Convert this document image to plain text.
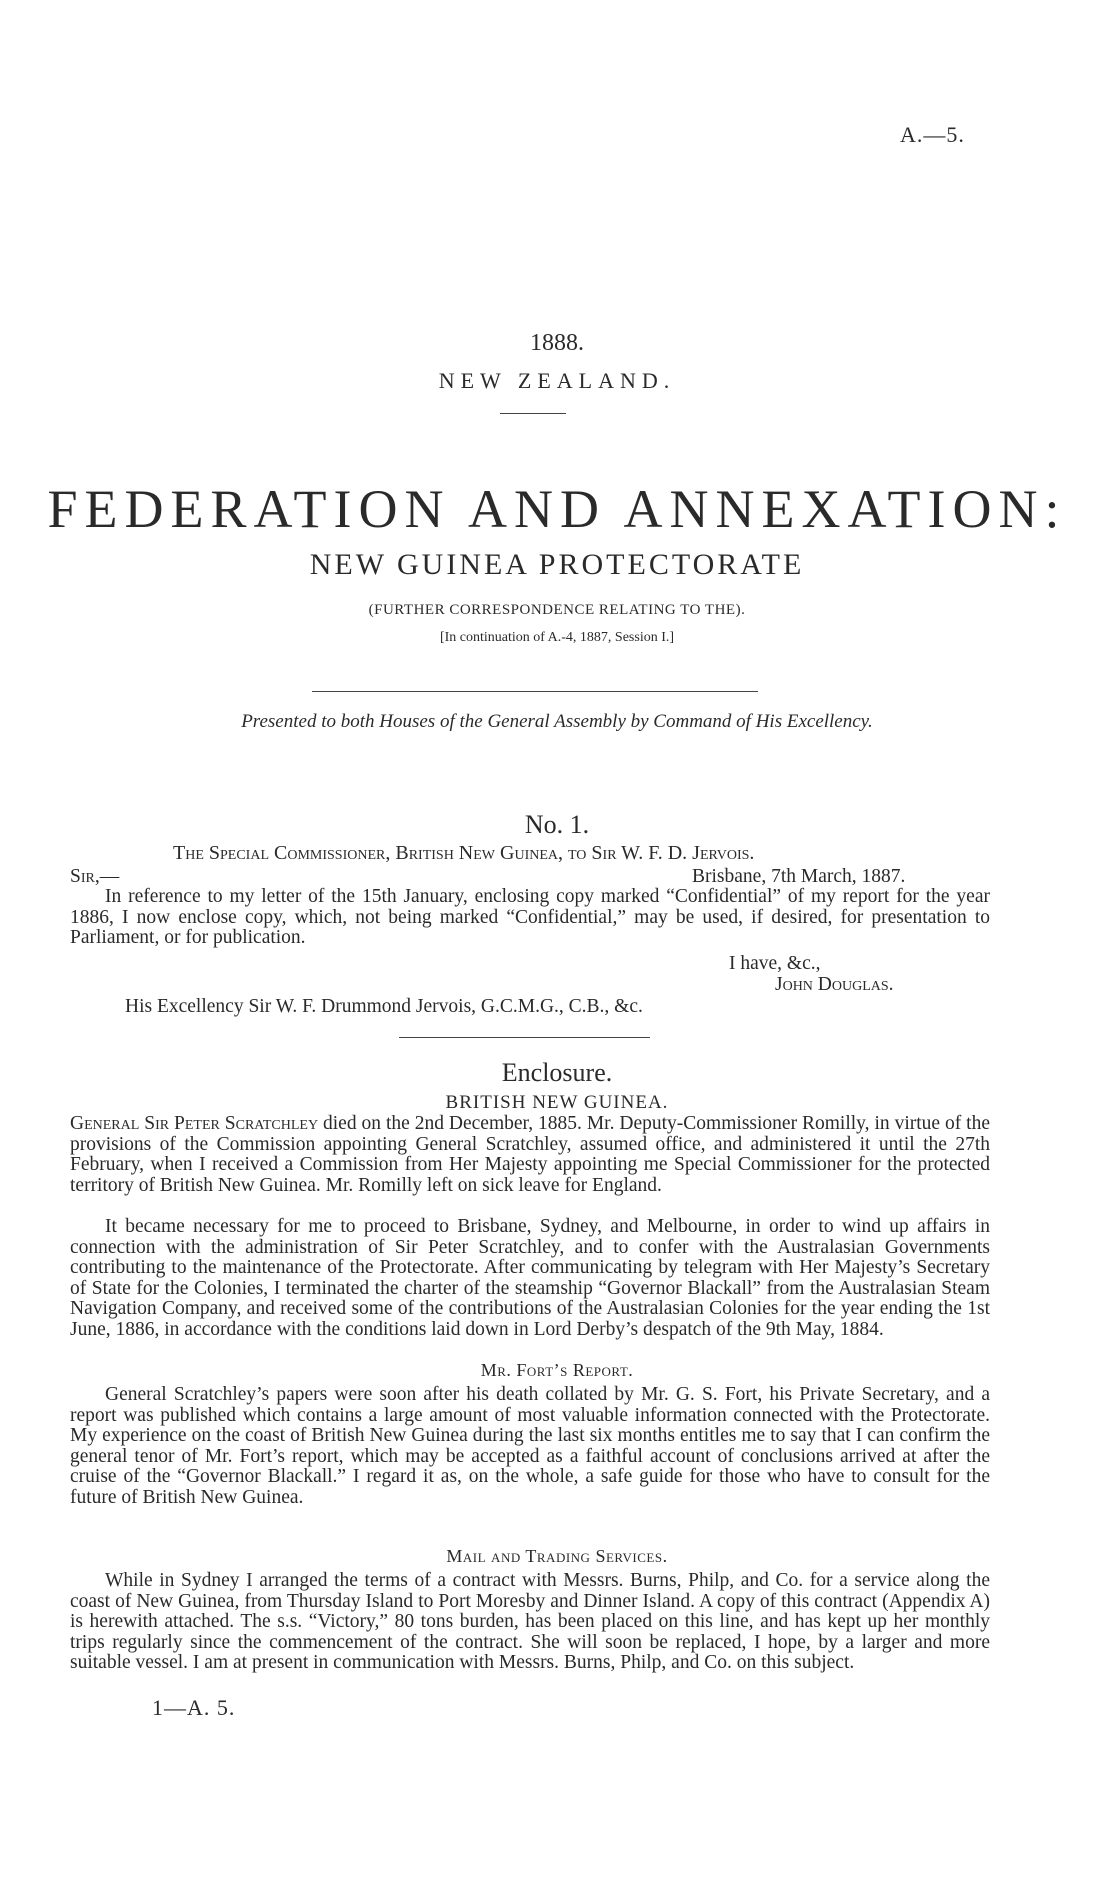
A.—5.
1888.
NEW ZEALAND.
FEDERATION AND ANNEXATION:
NEW GUINEA PROTECTORATE
(FURTHER CORRESPONDENCE RELATING TO THE).
[In continuation of A.-4, 1887, Session I.]
Presented to both Houses of the General Assembly by Command of His Excellency.
No. 1.
The Special Commissioner, British New Guinea, to Sir W. F. D. Jervois.
Sir,—	Brisbane, 7th March, 1887.

In reference to my letter of the 15th January, enclosing copy marked “Confidential” of my report for the year 1886, I now enclose copy, which, not being marked “Confidential,” may be used, if desired, for presentation to Parliament, or for publication.

I have, &c.,
John Douglas.
His Excellency Sir W. F. Drummond Jervois, G.C.M.G., C.B., &c.
Enclosure.
BRITISH NEW GUINEA.

General Sir Peter Scratchley died on the 2nd December, 1885. Mr. Deputy-Commissioner Romilly, in virtue of the provisions of the Commission appointing General Scratchley, assumed office, and administered it until the 27th February, when I received a Commission from Her Majesty appointing me Special Commissioner for the protected territory of British New Guinea. Mr. Romilly left on sick leave for England.

It became necessary for me to proceed to Brisbane, Sydney, and Melbourne, in order to wind up affairs in connection with the administration of Sir Peter Scratchley, and to confer with the Australasian Governments contributing to the maintenance of the Protectorate. After communicating by telegram with Her Majesty’s Secretary of State for the Colonies, I terminated the charter of the steamship “Governor Blackall” from the Australasian Steam Navigation Company, and received some of the contributions of the Australasian Colonies for the year ending the 1st June, 1886, in accordance with the conditions laid down in Lord Derby’s despatch of the 9th May, 1884.

Mr. Fort’s Report.

General Scratchley’s papers were soon after his death collated by Mr. G. S. Fort, his Private Secretary, and a report was published which contains a large amount of most valuable information connected with the Protectorate. My experience on the coast of British New Guinea during the last six months entitles me to say that I can confirm the general tenor of Mr. Fort’s report, which may be accepted as a faithful account of conclusions arrived at after the cruise of the “Governor Blackall.” I regard it as, on the whole, a safe guide for those who have to consult for the future of British New Guinea.

Mail and Trading Services.

While in Sydney I arranged the terms of a contract with Messrs. Burns, Philp, and Co. for a service along the coast of New Guinea, from Thursday Island to Port Moresby and Dinner Island. A copy of this contract (Appendix A) is herewith attached. The s.s. “Victory,” 80 tons burden, has been placed on this line, and has kept up her monthly trips regularly since the commencement of the contract. She will soon be replaced, I hope, by a larger and more suitable vessel. I am at present in communication with Messrs. Burns, Philp, and Co. on this subject.

1—A. 5.
